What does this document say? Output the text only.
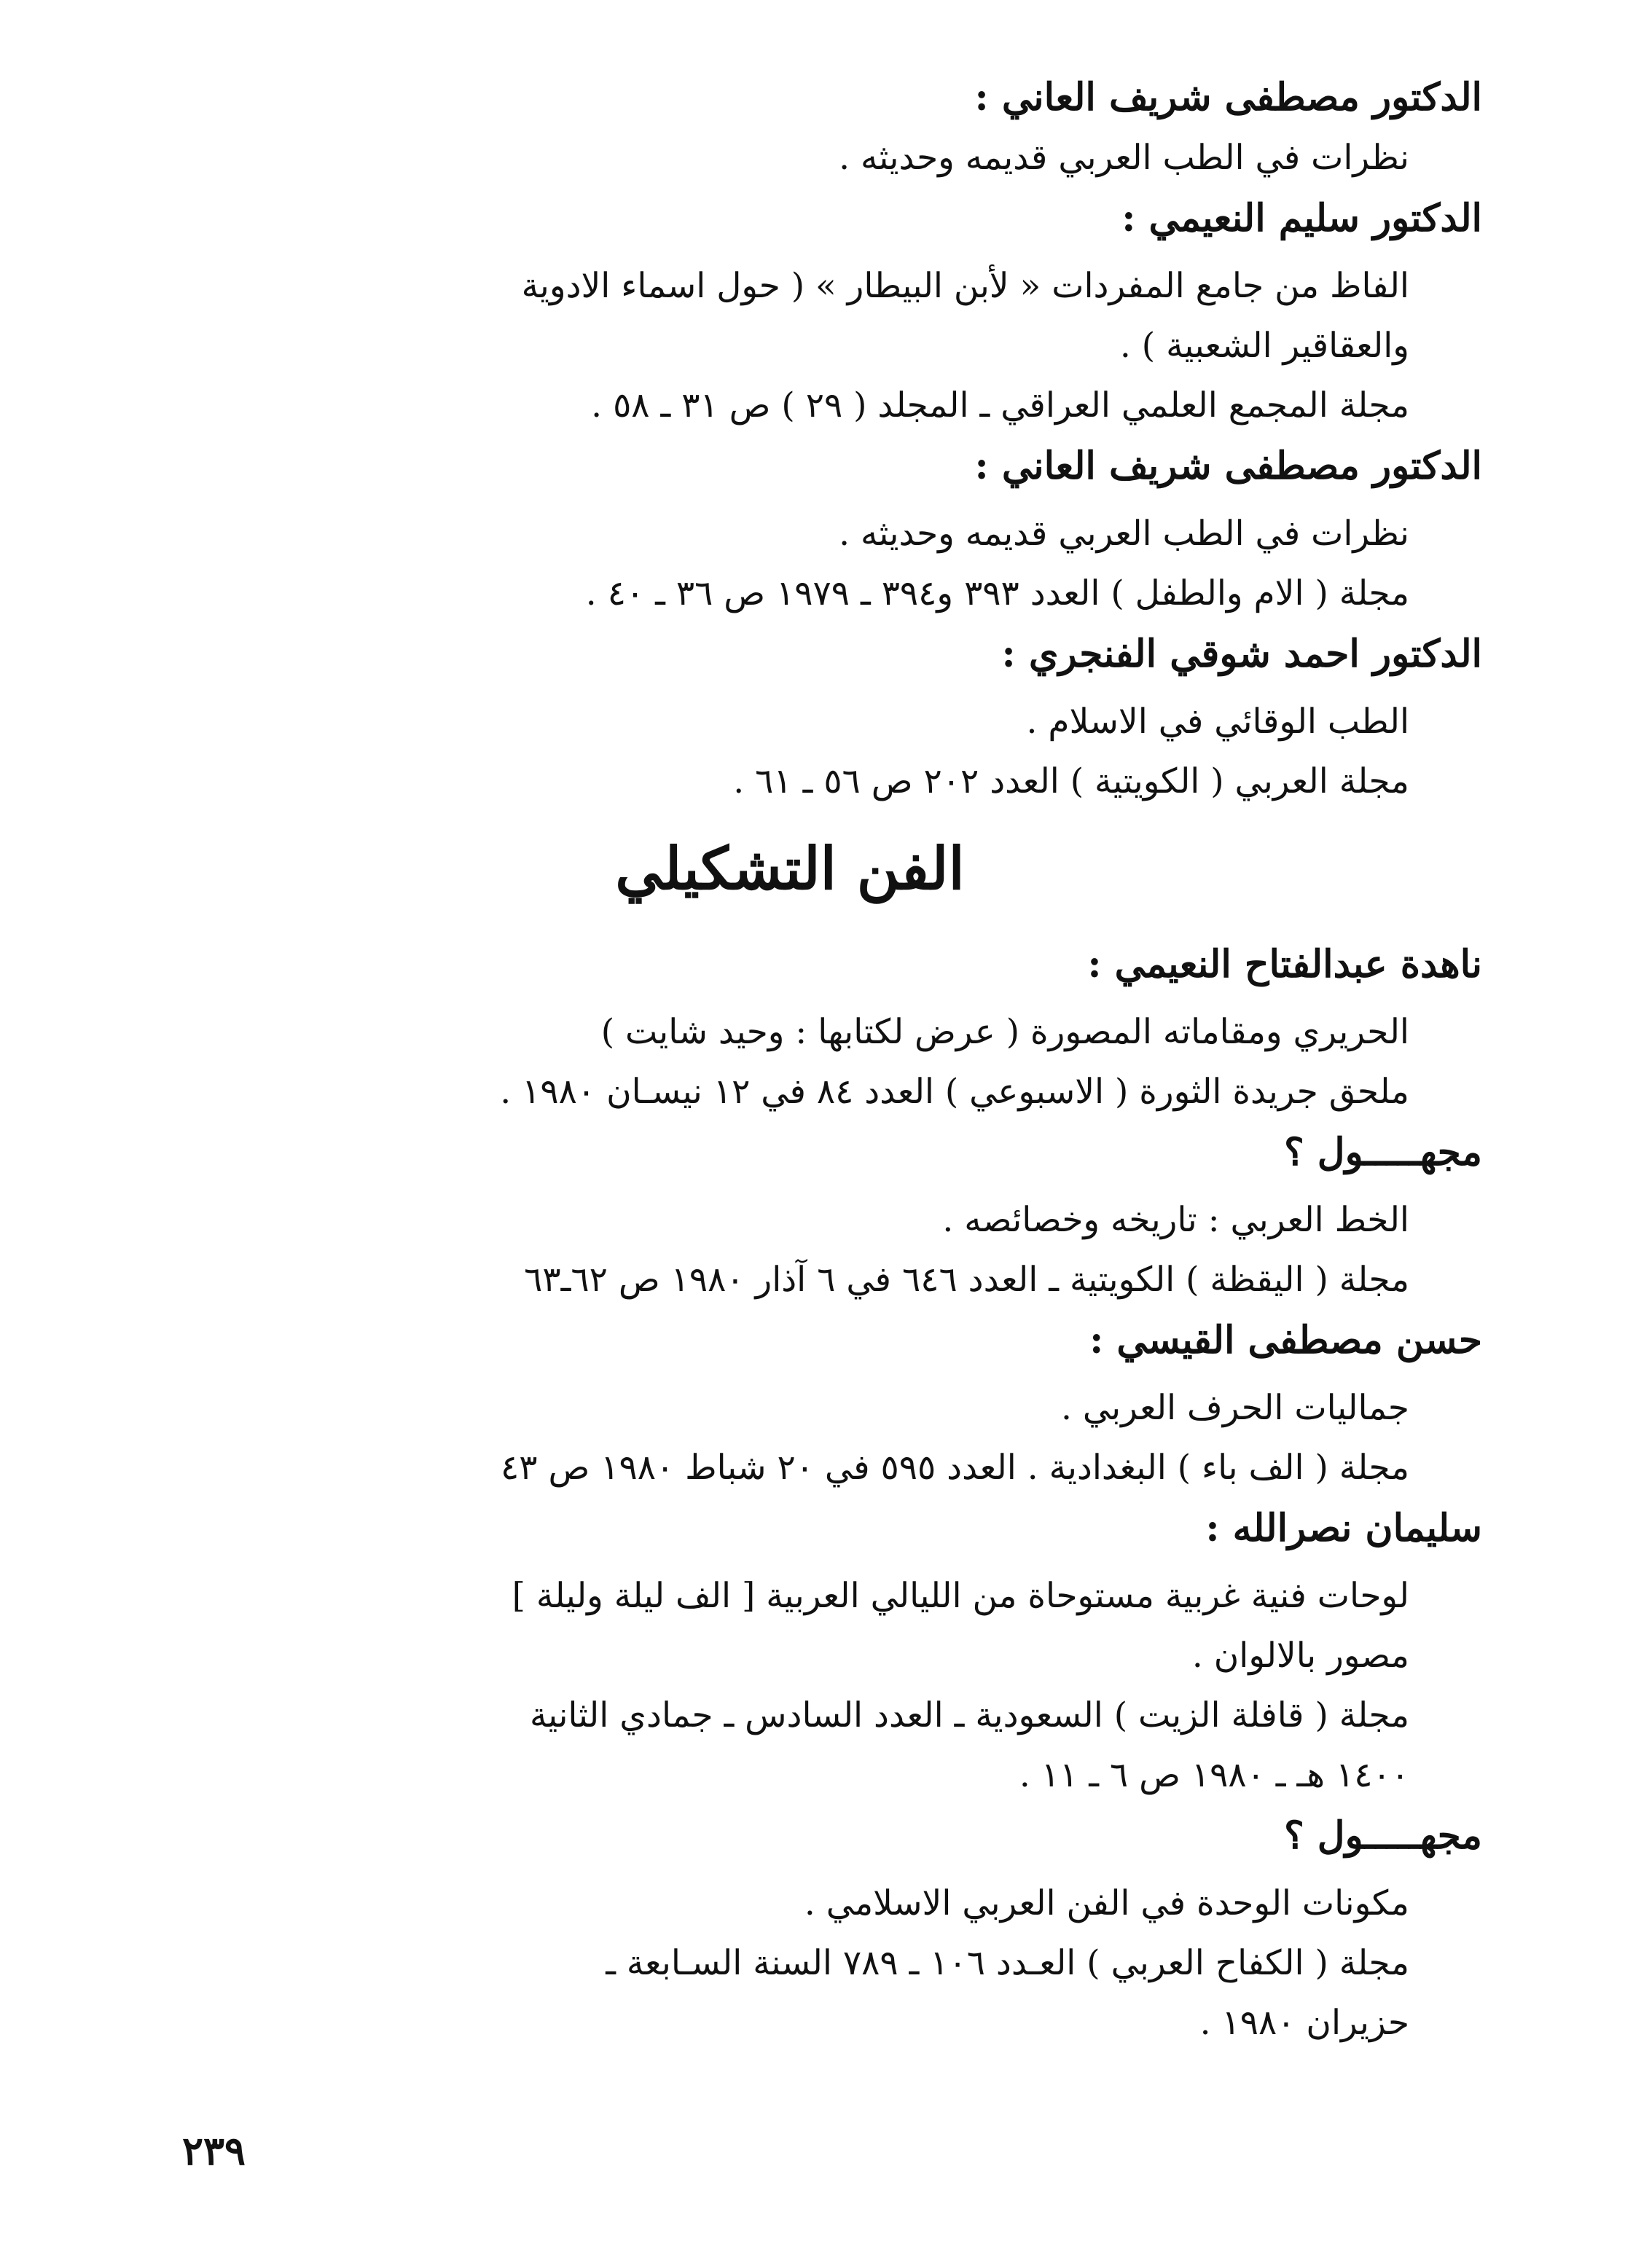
الدكتور مصطفى شريف العاني :
نظرات في الطب العربي قديمه وحديثه .
الدكتور سليم النعيمي :
الفاظ من جامع المفردات « لأبن البيطار » ( حول اسماء الادوية
والعقاقير الشعبية ) .
مجلة المجمع العلمي العراقي ـ المجلد ( ٢٩ ) ص ٣١ ـ ٥٨ .
الدكتور مصطفى شريف العاني :
نظرات في الطب العربي قديمه وحديثه .
مجلة ( الام والطفل ) العدد ٣٩٣ و٣٩٤ ـ ١٩٧٩ ص ٣٦ ـ ٤٠ .
الدكتور احمد شوقي الفنجري :
الطب الوقائي في الاسلام .
مجلة العربي ( الكويتية ) العدد ٢٠٢ ص ٥٦ ـ ٦١ .
الفن التشكيلي
ناهدة عبدالفتاح النعيمي :
الحريري ومقاماته المصورة ( عرض لكتابها : وحيد شايت )
ملحق جريدة الثورة ( الاسبوعي ) العدد ٨٤ في ١٢ نيسـان ١٩٨٠ .
مجهـــــول ؟
الخط العربي : تاريخه وخصائصه .
مجلة ( اليقظة ) الكويتية ـ العدد ٦٤٦ في ٦ آذار ١٩٨٠ ص ٦٢ـ٦٣
حسن مصطفى القيسي :
جماليات الحرف العربي .
مجلة ( الف باء ) البغدادية . العدد ٥٩٥ في ٢٠ شباط ١٩٨٠ ص ٤٣
سليمان نصرالله :
لوحات فنية غربية مستوحاة من الليالي العربية [ الف ليلة وليلة ]
مصور بالالوان .
مجلة ( قافلة الزيت ) السعودية ـ العدد السادس ـ جمادي الثانية
١٤٠٠ هـ ـ ١٩٨٠ ص ٦ ـ ١١ .
مجهـــــول ؟
مكونات الوحدة في الفن العربي الاسلامي .
مجلة ( الكفاح العربي ) العـدد ١٠٦ ـ ٧٨٩ السنة السـابعة ـ
حزيران ١٩٨٠ .
٢٣٩
